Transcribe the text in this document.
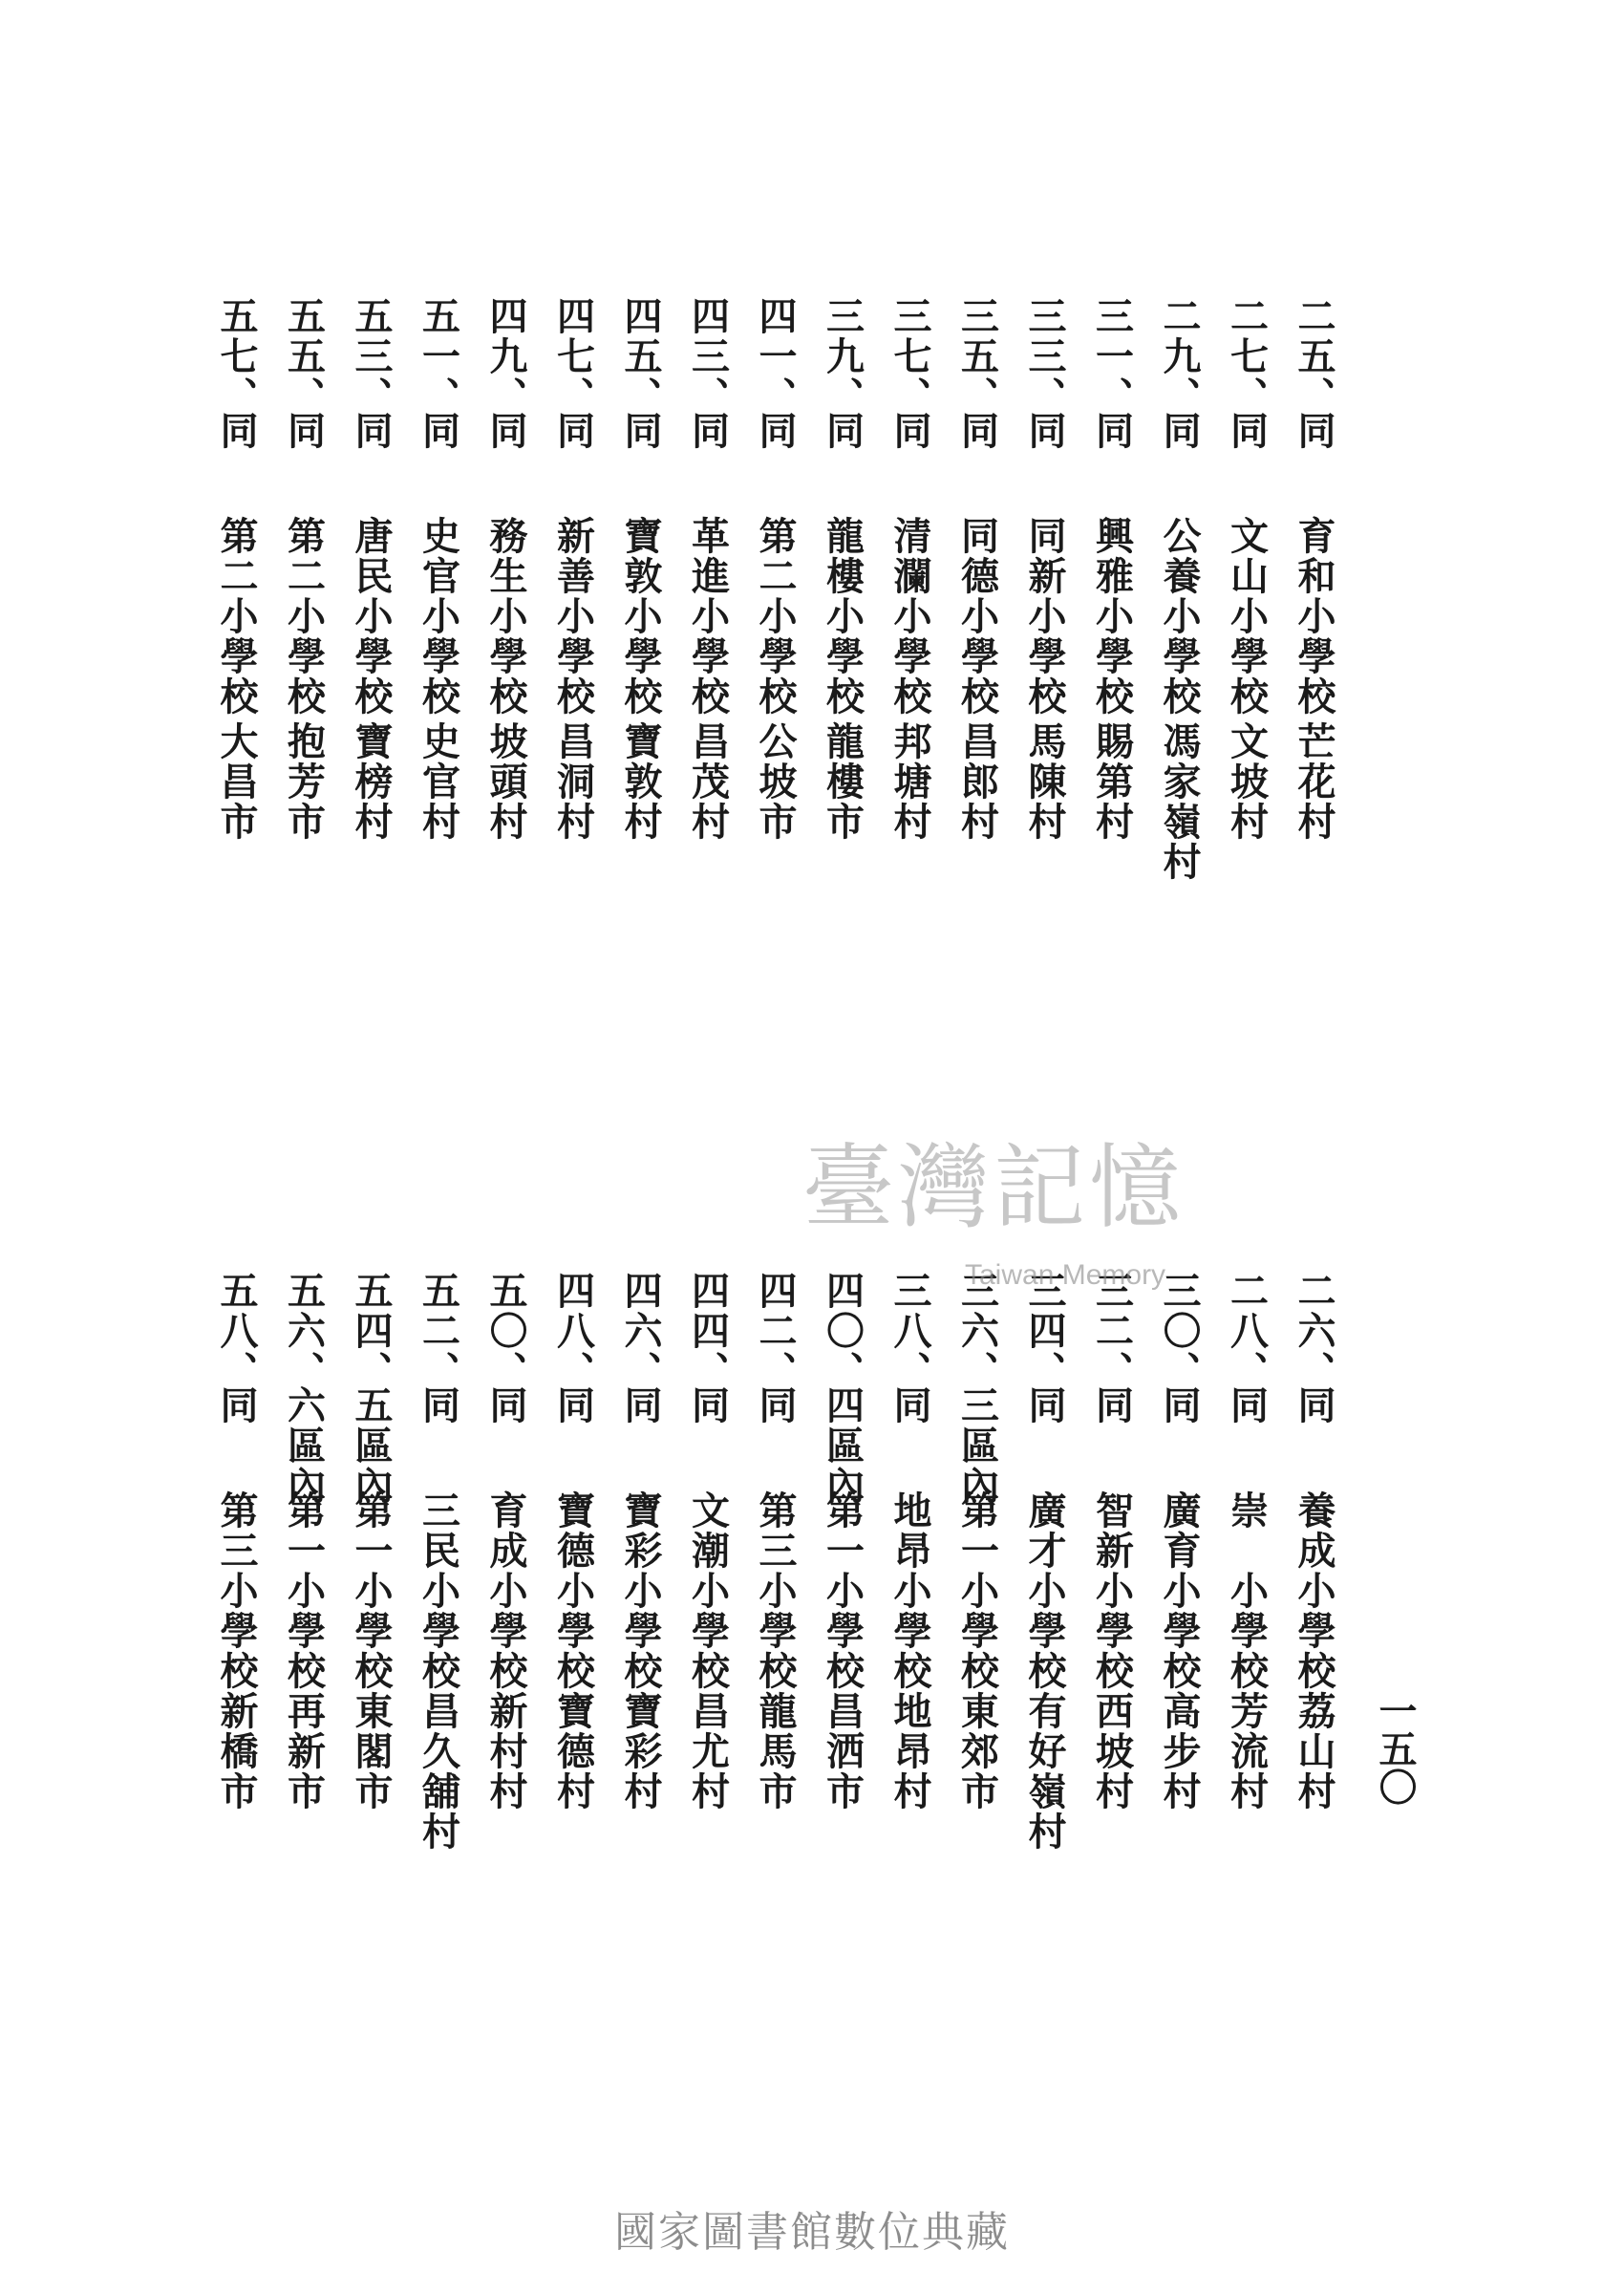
二五、
同
育和小學校
芒花村
二七、
同
文山小學校
文坡村
二九、
同
公養小學校
馮家嶺村
三一、
同
興雅小學校
賜第村
三三、
同
同新小學校
馬陳村
三五、
同
同德小學校
昌郎村
三七、
同
清瀾小學校
邦塘村
三九、
同
龍樓小學校
龍樓市
四一、
同
第二小學校
公坡市
四三、
同
革進小學校
昌茂村
四五、
同
寶敦小學校
寶敦村
四七、
同
新善小學校
昌洞村
四九、
同
務生小學校
坡頭村
五一、
同
史官小學校
史官村
五三、
同
唐民小學校
寶榜村
五五、
同
第二小學校
抱芳市
五七、
同
第二小學校
大昌市
二六、
同
養成小學校
荔山村
二八、
同
崇　小學校
芳流村
三〇、
同
廣育小學校
高步村
三二、
同
智新小學校
西坡村
三四、
同
廣才小學校
有好嶺村
三六、
三區內
第一小學校
東郊市
三八、
同
地昂小學校
地昂村
四〇、
四區內
第一小學校
昌洒市
四二、
同
第三小學校
龍馬市
四四、
同
文潮小學校
昌尤村
四六、
同
寶彩小學校
寶彩村
四八、
同
寶德小學校
寶德村
五〇、
同
育成小學校
新村村
五二、
同
三民小學校
昌久舖村
五四、
五區內
第一小學校
東閣市
五六、
六區內
第一小學校
再新市
五八、
同
第三小學校
新橋市	一五〇
臺灣記憶
Taiwan Memory
國家圖書館數位典藏
